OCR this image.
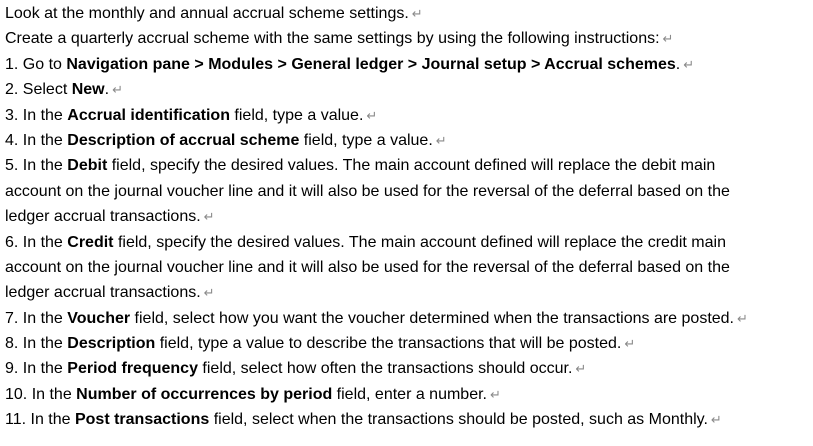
Look at the monthly and annual accrual scheme settings. ↵
Create a quarterly accrual scheme with the same settings by using the following instructions: ↵
1. Go to Navigation pane > Modules > General ledger > Journal setup > Accrual schemes. ↵
2. Select New. ↵
3. In the Accrual identification field, type a value. ↵
4. In the Description of accrual scheme field, type a value. ↵
5. In the Debit field, specify the desired values. The main account defined will replace the debit main
account on the journal voucher line and it will also be used for the reversal of the deferral based on the
ledger accrual transactions. ↵
6. In the Credit field, specify the desired values. The main account defined will replace the credit main
account on the journal voucher line and it will also be used for the reversal of the deferral based on the
ledger accrual transactions. ↵
7. In the Voucher field, select how you want the voucher determined when the transactions are posted. ↵
8. In the Description field, type a value to describe the transactions that will be posted. ↵
9. In the Period frequency field, select how often the transactions should occur. ↵
10. In the Number of occurrences by period field, enter a number. ↵
11. In the Post transactions field, select when the transactions should be posted, such as Monthly. ↵
